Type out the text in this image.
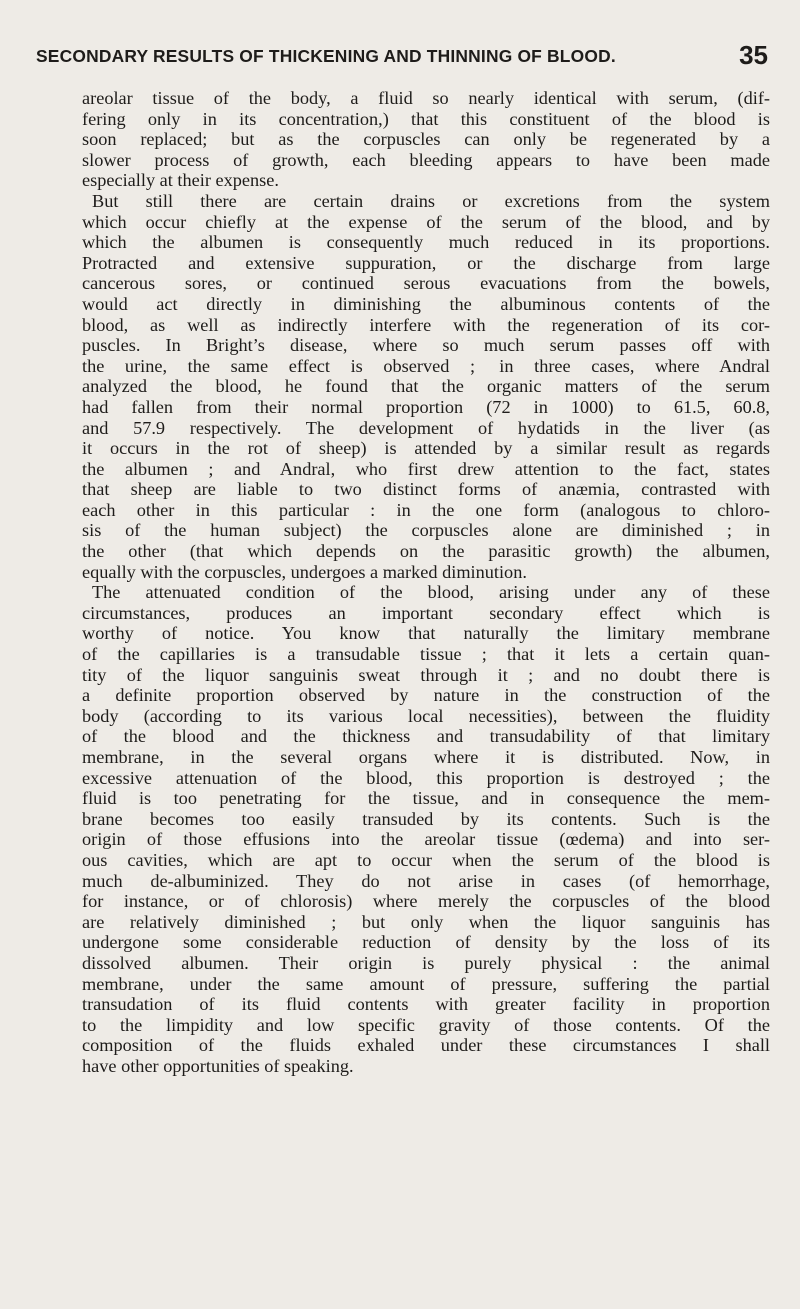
SECONDARY RESULTS OF THICKENING AND THINNING OF BLOOD.	35
areolar tissue of the body, a fluid so nearly identical with serum, (dif-
fering only in its concentration,) that this constituent of the blood is
soon replaced; but as the corpuscles can only be regenerated by a
slower process of growth, each bleeding appears to have been made
especially at their expense.
But still there are certain drains or excretions from the system
which occur chiefly at the expense of the serum of the blood, and by
which the albumen is consequently much reduced in its proportions.
Protracted and extensive suppuration, or the discharge from large
cancerous sores, or continued serous evacuations from the bowels,
would act directly in diminishing the albuminous contents of the
blood, as well as indirectly interfere with the regeneration of its cor-
puscles. In Bright’s disease, where so much serum passes off with
the urine, the same effect is observed ;  in three cases, where Andral
analyzed the blood, he found that the organic matters of the serum
had fallen from their normal proportion (72 in 1000) to 61.5, 60.8,
and 57.9 respectively. The development of hydatids in the liver (as
it occurs in the rot of sheep) is attended by a similar result as regards
the albumen ; and Andral, who first drew attention to the fact, states
that sheep are liable to two distinct forms of anæmia, contrasted with
each other in this particular : in the one form (analogous to chloro-
sis of the human subject) the corpuscles alone are diminished ; in
the other (that which depends on the parasitic growth) the albumen,
equally with the corpuscles, undergoes a marked diminution.
The attenuated condition of the blood, arising under any of these
circumstances, produces an important secondary effect which is
worthy of notice. You know that naturally the limitary membrane
of the capillaries is a transudable tissue ; that it lets a certain quan-
tity of the liquor sanguinis sweat through it ; and no doubt there is
a definite proportion observed by nature in the construction of the
body (according to its various local necessities), between the fluidity
of the blood and the thickness and transudability of that limitary
membrane, in the several organs where it is distributed. Now, in
excessive attenuation of the blood, this proportion is destroyed ; the
fluid is too penetrating for the tissue, and in consequence the mem-
brane becomes too easily transuded by its contents. Such is the
origin of those effusions into the areolar tissue (œdema) and into ser-
ous cavities, which are apt to occur when the serum of the blood is
much de-albuminized. They do not arise in cases (of hemorrhage,
for instance, or of chlorosis) where merely the corpuscles of the blood
are relatively diminished ; but only when the liquor sanguinis has
undergone some considerable reduction of density by the loss of its
dissolved albumen. Their origin is purely physical : the animal
membrane, under the same amount of pressure, suffering the partial
transudation of its fluid contents with greater facility in proportion
to the limpidity and low specific gravity of those contents. Of the
composition of the fluids exhaled under these circumstances I shall
have other opportunities of speaking.
